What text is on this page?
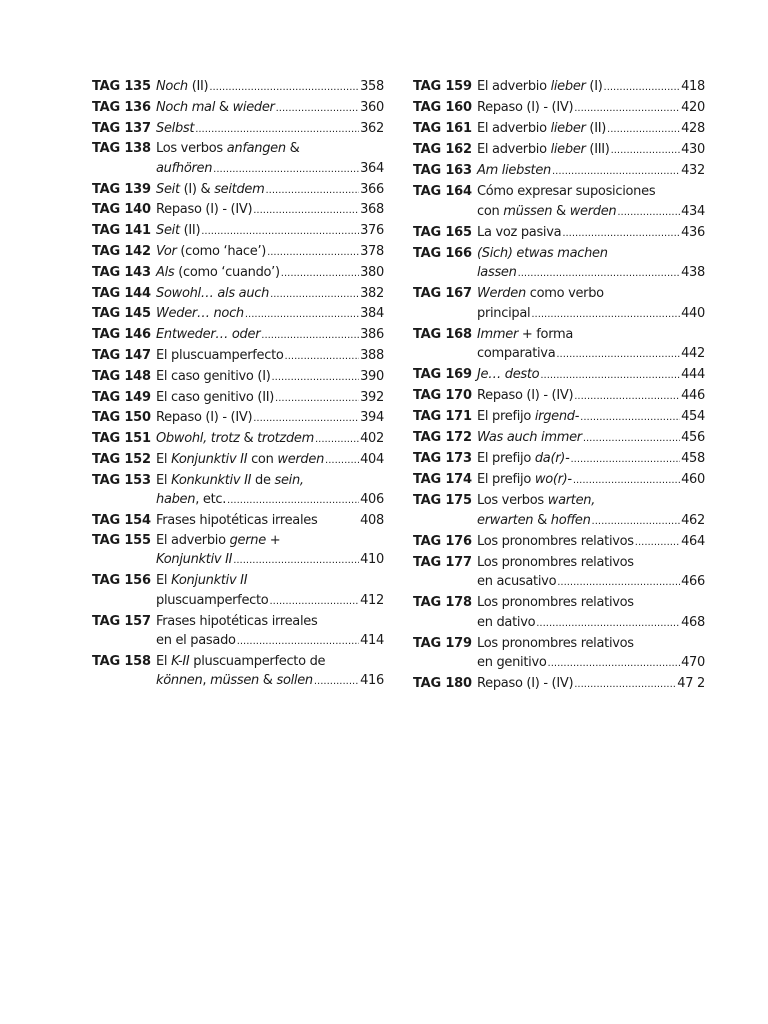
TAG 135 Noch (II) .....	358
TAG 136 Noch mal & wieder .....	360
TAG 137 Selbst .....	362
TAG 138 Los verbos anfangen &
aufhören .....	364
TAG 139 Seit (I) & seitdem .....	366
TAG 140 Repaso (I) - (IV) .....	368
TAG 141 Seit (II) .....	376
TAG 142 Vor (como ‘hace’) .....	378
TAG 143 Als (como ‘cuando’) .....	380
TAG 144 Sowohl… als auch .....	382
TAG 145 Weder… noch .....	384
TAG 146 Entweder… oder .....	386
TAG 147 El pluscuamperfecto .....	388
TAG 148 El caso genitivo (I) .....	390
TAG 149 El caso genitivo (II) .....	392
TAG 150 Repaso (I) - (IV) .....	394
TAG 151 Obwohl, trotz & trotzdem .....	402
TAG 152 El Konjunktiv II con werden .....	404
TAG 153 El Konkunktiv II de sein,
haben, etc. .....	406
TAG 154 Frases hipotéticas irreales	408
TAG 155 El adverbio gerne +
Konjunktiv II .....	410
TAG 156 El Konjunktiv II
pluscuamperfecto .....	412
TAG 157 Frases hipotéticas irreales
en el pasado .....	414
TAG 158 El K-II pluscuamperfecto de
können, müssen & sollen .....	416
TAG 159 El adverbio lieber (I) .....	418
TAG 160 Repaso (I) - (IV) .....	420
TAG 161 El adverbio lieber (II) .....	428
TAG 162 El adverbio lieber (III) .....	430
TAG 163 Am liebsten .....	432
TAG 164 Cómo expresar suposiciones
con müssen & werden .....	434
TAG 165 La voz pasiva .....	436
TAG 166 (Sich) etwas machen
lassen .....	438
TAG 167 Werden como verbo
principal .....	440
TAG 168 Immer + forma
comparativa .....	442
TAG 169 Je… desto .....	444
TAG 170 Repaso (I) - (IV) .....	446
TAG 171 El prefijo irgend- .....	454
TAG 172 Was auch immer .....	456
TAG 173 El prefijo da(r)- .....	458
TAG 174 El prefijo wo(r)- .....	460
TAG 175 Los verbos warten,
erwarten & hoffen .....	462
TAG 176 Los pronombres relativos .....	464
TAG 177 Los pronombres relativos
en acusativo .....	466
TAG 178 Los pronombres relativos
en dativo .....	468
TAG 179 Los pronombres relativos
en genitivo .....	470
TAG 180 Repaso (I) - (IV) .....	47 2
